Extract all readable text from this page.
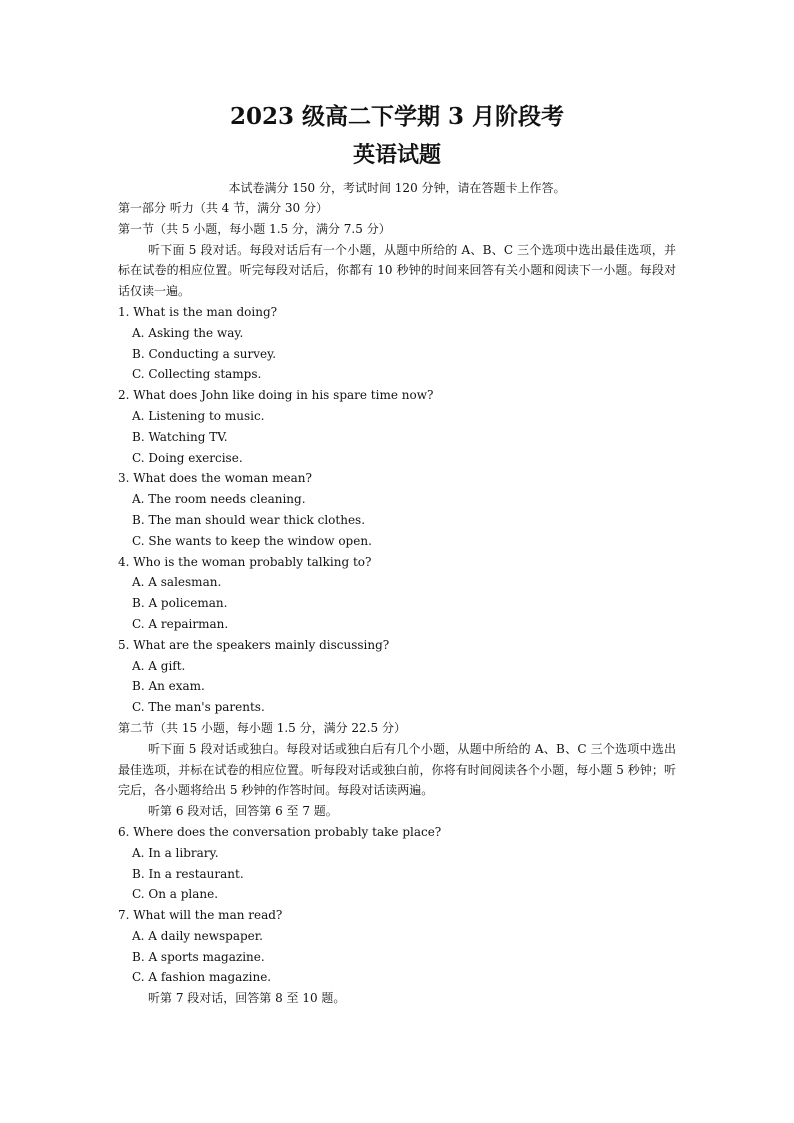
2023 级高二下学期 3 月阶段考

英语试题

本试卷满分 150 分，考试时间 120 分钟，请在答题卡上作答。

第一部分 听力（共 4 节，满分 30 分）

第一节（共 5 小题，每小题 1.5 分，满分 7.5 分）

听下面 5 段对话。每段对话后有一个小题，从题中所给的 A、B、C 三个选项中选出最佳选项，并标在试卷的相应位置。听完每段对话后，你都有 10 秒钟的时间来回答有关小题和阅读下一小题。每段对话仅读一遍。

1. What is the man doing?

A. Asking the way.

B. Conducting a survey.

C. Collecting stamps.

2. What does John like doing in his spare time now?

A. Listening to music.

B. Watching TV.

C. Doing exercise.

3. What does the woman mean?

A. The room needs cleaning.

B. The man should wear thick clothes.

C. She wants to keep the window open.

4. Who is the woman probably talking to?

A. A salesman.

B. A policeman.

C. A repairman.

5. What are the speakers mainly discussing?

A. A gift.

B. An exam.

C. The man's parents.

第二节（共 15 小题，每小题 1.5 分，满分 22.5 分）

听下面 5 段对话或独白。每段对话或独白后有几个小题，从题中所给的 A、B、C 三个选项中选出最佳选项，并标在试卷的相应位置。听每段对话或独白前，你将有时间阅读各个小题，每小题 5 秒钟；听完后，各小题将给出 5 秒钟的作答时间。每段对话读两遍。

听第 6 段对话，回答第 6 至 7 题。

6. Where does the conversation probably take place?

A. In a library.

B. In a restaurant.

C. On a plane.

7. What will the man read?

A. A daily newspaper.

B. A sports magazine.

C. A fashion magazine.

听第 7 段对话，回答第 8 至 10 题。
